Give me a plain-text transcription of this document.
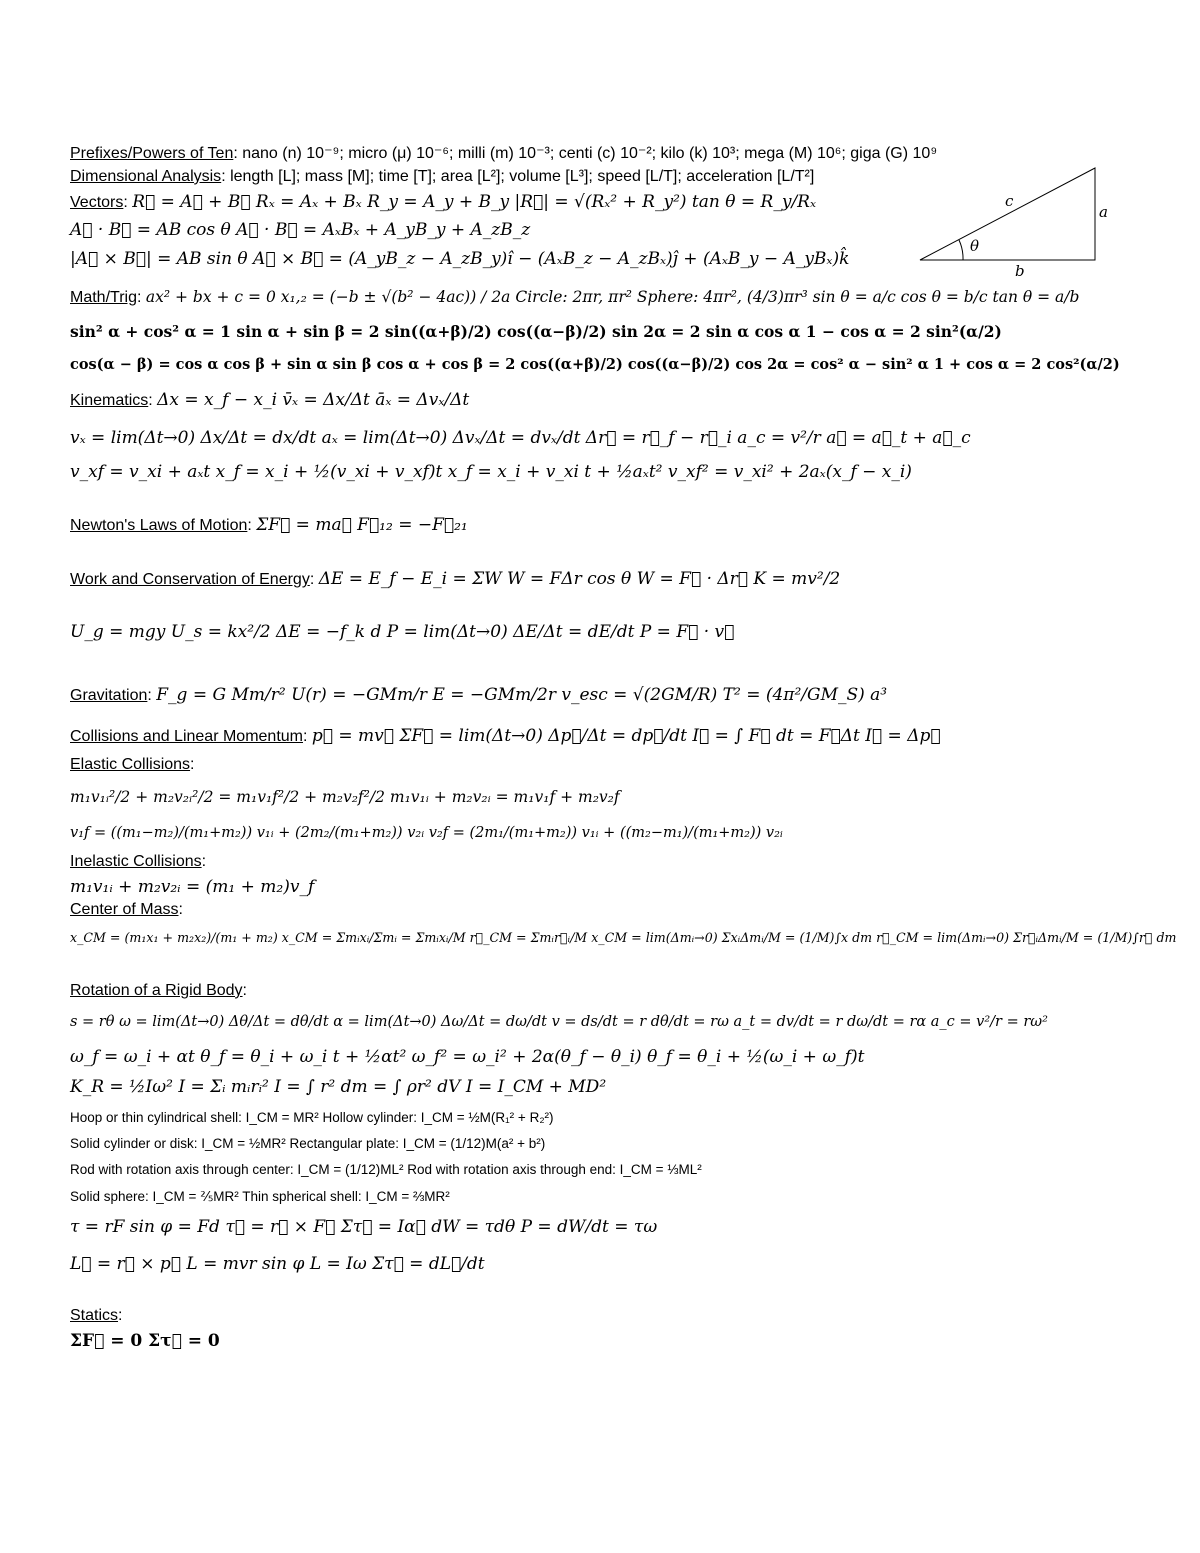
Prefixes/Powers of Ten: nano (n) 10⁻⁹; micro (μ) 10⁻⁶; milli (m) 10⁻³; centi (c) 10⁻²; kilo (k) 10³; mega (M) 10⁶; giga (G) 10⁹
Dimensional Analysis: length [L]; mass [M]; time [T]; area [L²]; volume [L³]; speed [L/T]; acceleration [L/T²]
Vectors: R⃗ = A⃗ + B⃗ Rₓ = Aₓ + Bₓ R_y = A_y + B_y |R⃗| = √(Rₓ² + R_y²) tan θ = R_y/Rₓ
A⃗ · B⃗ = AB cos θ A⃗ · B⃗ = AₓBₓ + A_yB_y + A_zB_z
|A⃗ × B⃗| = AB sin θ A⃗ × B⃗ = (A_yB_z − A_zB_y)î − (AₓB_z − A_zBₓ)ĵ + (AₓB_y − A_yBₓ)k̂
c
a
b
θ
Math/Trig: ax² + bx + c = 0 x₁,₂ = (−b ± √(b² − 4ac)) / 2a Circle: 2πr, πr² Sphere: 4πr², (4/3)πr³ sin θ = a/c cos θ = b/c tan θ = a/b
sin² α + cos² α = 1 sin α + sin β = 2 sin((α+β)/2) cos((α−β)/2) sin 2α = 2 sin α cos α 1 − cos α = 2 sin²(α/2)
cos(α − β) = cos α cos β + sin α sin β cos α + cos β = 2 cos((α+β)/2) cos((α−β)/2) cos 2α = cos² α − sin² α 1 + cos α = 2 cos²(α/2)
Kinematics: Δx = x_f − x_i v̄ₓ = Δx/Δt āₓ = Δvₓ/Δt
vₓ = lim(Δt→0) Δx/Δt = dx/dt aₓ = lim(Δt→0) Δvₓ/Δt = dvₓ/dt Δr⃗ = r⃗_f − r⃗_i a_c = v²/r a⃗ = a⃗_t + a⃗_c
v_xf = v_xi + aₓt x_f = x_i + ½(v_xi + v_xf)t x_f = x_i + v_xi t + ½aₓt² v_xf² = v_xi² + 2aₓ(x_f − x_i)
Newton's Laws of Motion: ΣF⃗ = ma⃗ F⃗₁₂ = −F⃗₂₁
Work and Conservation of Energy: ΔE = E_f − E_i = ΣW W = FΔr cos θ W = F⃗ · Δr⃗ K = mv²/2
U_g = mgy U_s = kx²/2 ΔE = −f_k d P = lim(Δt→0) ΔE/Δt = dE/dt P = F⃗ · v⃗
Gravitation: F_g = G Mm/r² U(r) = −GMm/r E = −GMm/2r v_esc = √(2GM/R) T² = (4π²/GM_S) a³
Collisions and Linear Momentum: p⃗ = mv⃗ ΣF⃗ = lim(Δt→0) Δp⃗/Δt = dp⃗/dt I⃗ = ∫ F⃗ dt = F⃗Δt I⃗ = Δp⃗
Elastic Collisions:
m₁v₁ᵢ²/2 + m₂v₂ᵢ²/2 = m₁v₁f²/2 + m₂v₂f²/2 m₁v₁ᵢ + m₂v₂ᵢ = m₁v₁f + m₂v₂f
v₁f = ((m₁−m₂)/(m₁+m₂)) v₁ᵢ + (2m₂/(m₁+m₂)) v₂ᵢ v₂f = (2m₁/(m₁+m₂)) v₁ᵢ + ((m₂−m₁)/(m₁+m₂)) v₂ᵢ
Inelastic Collisions:
m₁v₁ᵢ + m₂v₂ᵢ = (m₁ + m₂)v_f
Center of Mass:
x_CM = (m₁x₁ + m₂x₂)/(m₁ + m₂) x_CM = Σmᵢxᵢ/Σmᵢ = Σmᵢxᵢ/M r⃗_CM = Σmᵢr⃗ᵢ/M x_CM = lim(Δmᵢ→0) ΣxᵢΔmᵢ/M = (1/M)∫x dm r⃗_CM = lim(Δmᵢ→0) Σr⃗ᵢΔmᵢ/M = (1/M)∫r⃗ dm
Rotation of a Rigid Body:
s = rθ ω = lim(Δt→0) Δθ/Δt = dθ/dt α = lim(Δt→0) Δω/Δt = dω/dt v = ds/dt = r dθ/dt = rω a_t = dv/dt = r dω/dt = rα a_c = v²/r = rω²
ω_f = ω_i + αt θ_f = θ_i + ω_i t + ½αt² ω_f² = ω_i² + 2α(θ_f − θ_i) θ_f = θ_i + ½(ω_i + ω_f)t
K_R = ½Iω² I = Σᵢ mᵢrᵢ² I = ∫ r² dm = ∫ ρr² dV I = I_CM + MD²
Hoop or thin cylindrical shell: I_CM = MR² Hollow cylinder: I_CM = ½M(R₁² + R₂²)
Solid cylinder or disk: I_CM = ½MR² Rectangular plate: I_CM = (1/12)M(a² + b²)
Rod with rotation axis through center: I_CM = (1/12)ML² Rod with rotation axis through end: I_CM = ⅓ML²
Solid sphere: I_CM = ⅖MR² Thin spherical shell: I_CM = ⅔MR²
τ = rF sin φ = Fd τ⃗ = r⃗ × F⃗ Στ⃗ = Iα⃗ dW = τdθ P = dW/dt = τω
L⃗ = r⃗ × p⃗ L = mvr sin φ L = Iω Στ⃗ = dL⃗/dt
Statics:
ΣF⃗ = 0 Στ⃗ = 0
